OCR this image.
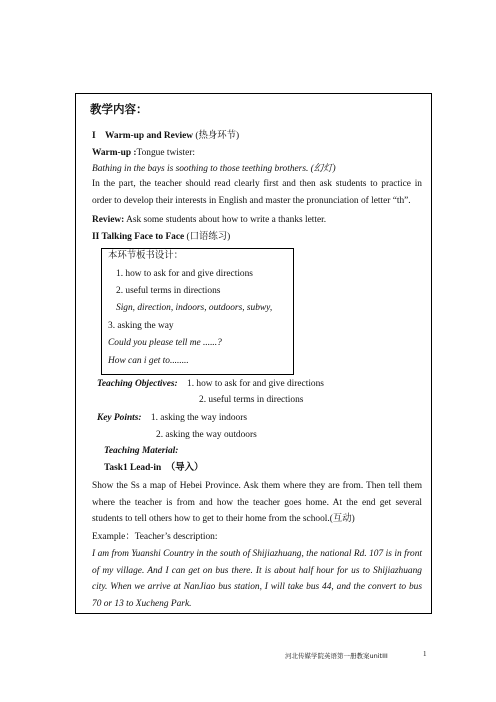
教学内容：
I Warm-up and Review (热身环节)
Warm-up :Tongue twister:
Bathing in the bays is soothing to those teething brothers. (幻灯)
In the part, the teacher should read clearly first and then ask students to practice in order to develop their interests in English and master the pronunciation of letter “th”.
Review: Ask some students about how to write a thanks letter.
II Talking Face to Face (口语练习)
本环节板书设计：
1. how to ask for and give directions
2. useful terms in directions
Sign, direction, indoors, outdoors, subwy,
3. asking the way
Could you please tell me ......?
How can i get to........
Teaching Objectives: 1. how to ask for and give directions
2. useful terms in directions
Key Points: 1. asking the way indoors
2. asking the way outdoors
Teaching Material:
Task1 Lead-in （导入）
Show the Ss a map of Hebei Province. Ask them where they are from. Then tell them where the teacher is from and how the teacher goes home. At the end get several students to tell others how to get to their home from the school.(互动)
Example：Teacher’s description:
I am from Yuanshi Country in the south of Shijiazhuang, the national Rd. 107 is in front of my village. And I can get on bus there. It is about half hour for us to Shijiazhuang city. When we arrive at NanJiao bus station, I will take bus 44, and the convert to bus 70 or 13 to Xucheng Park.
河北传媒学院英语第一册教案unitIII	1
